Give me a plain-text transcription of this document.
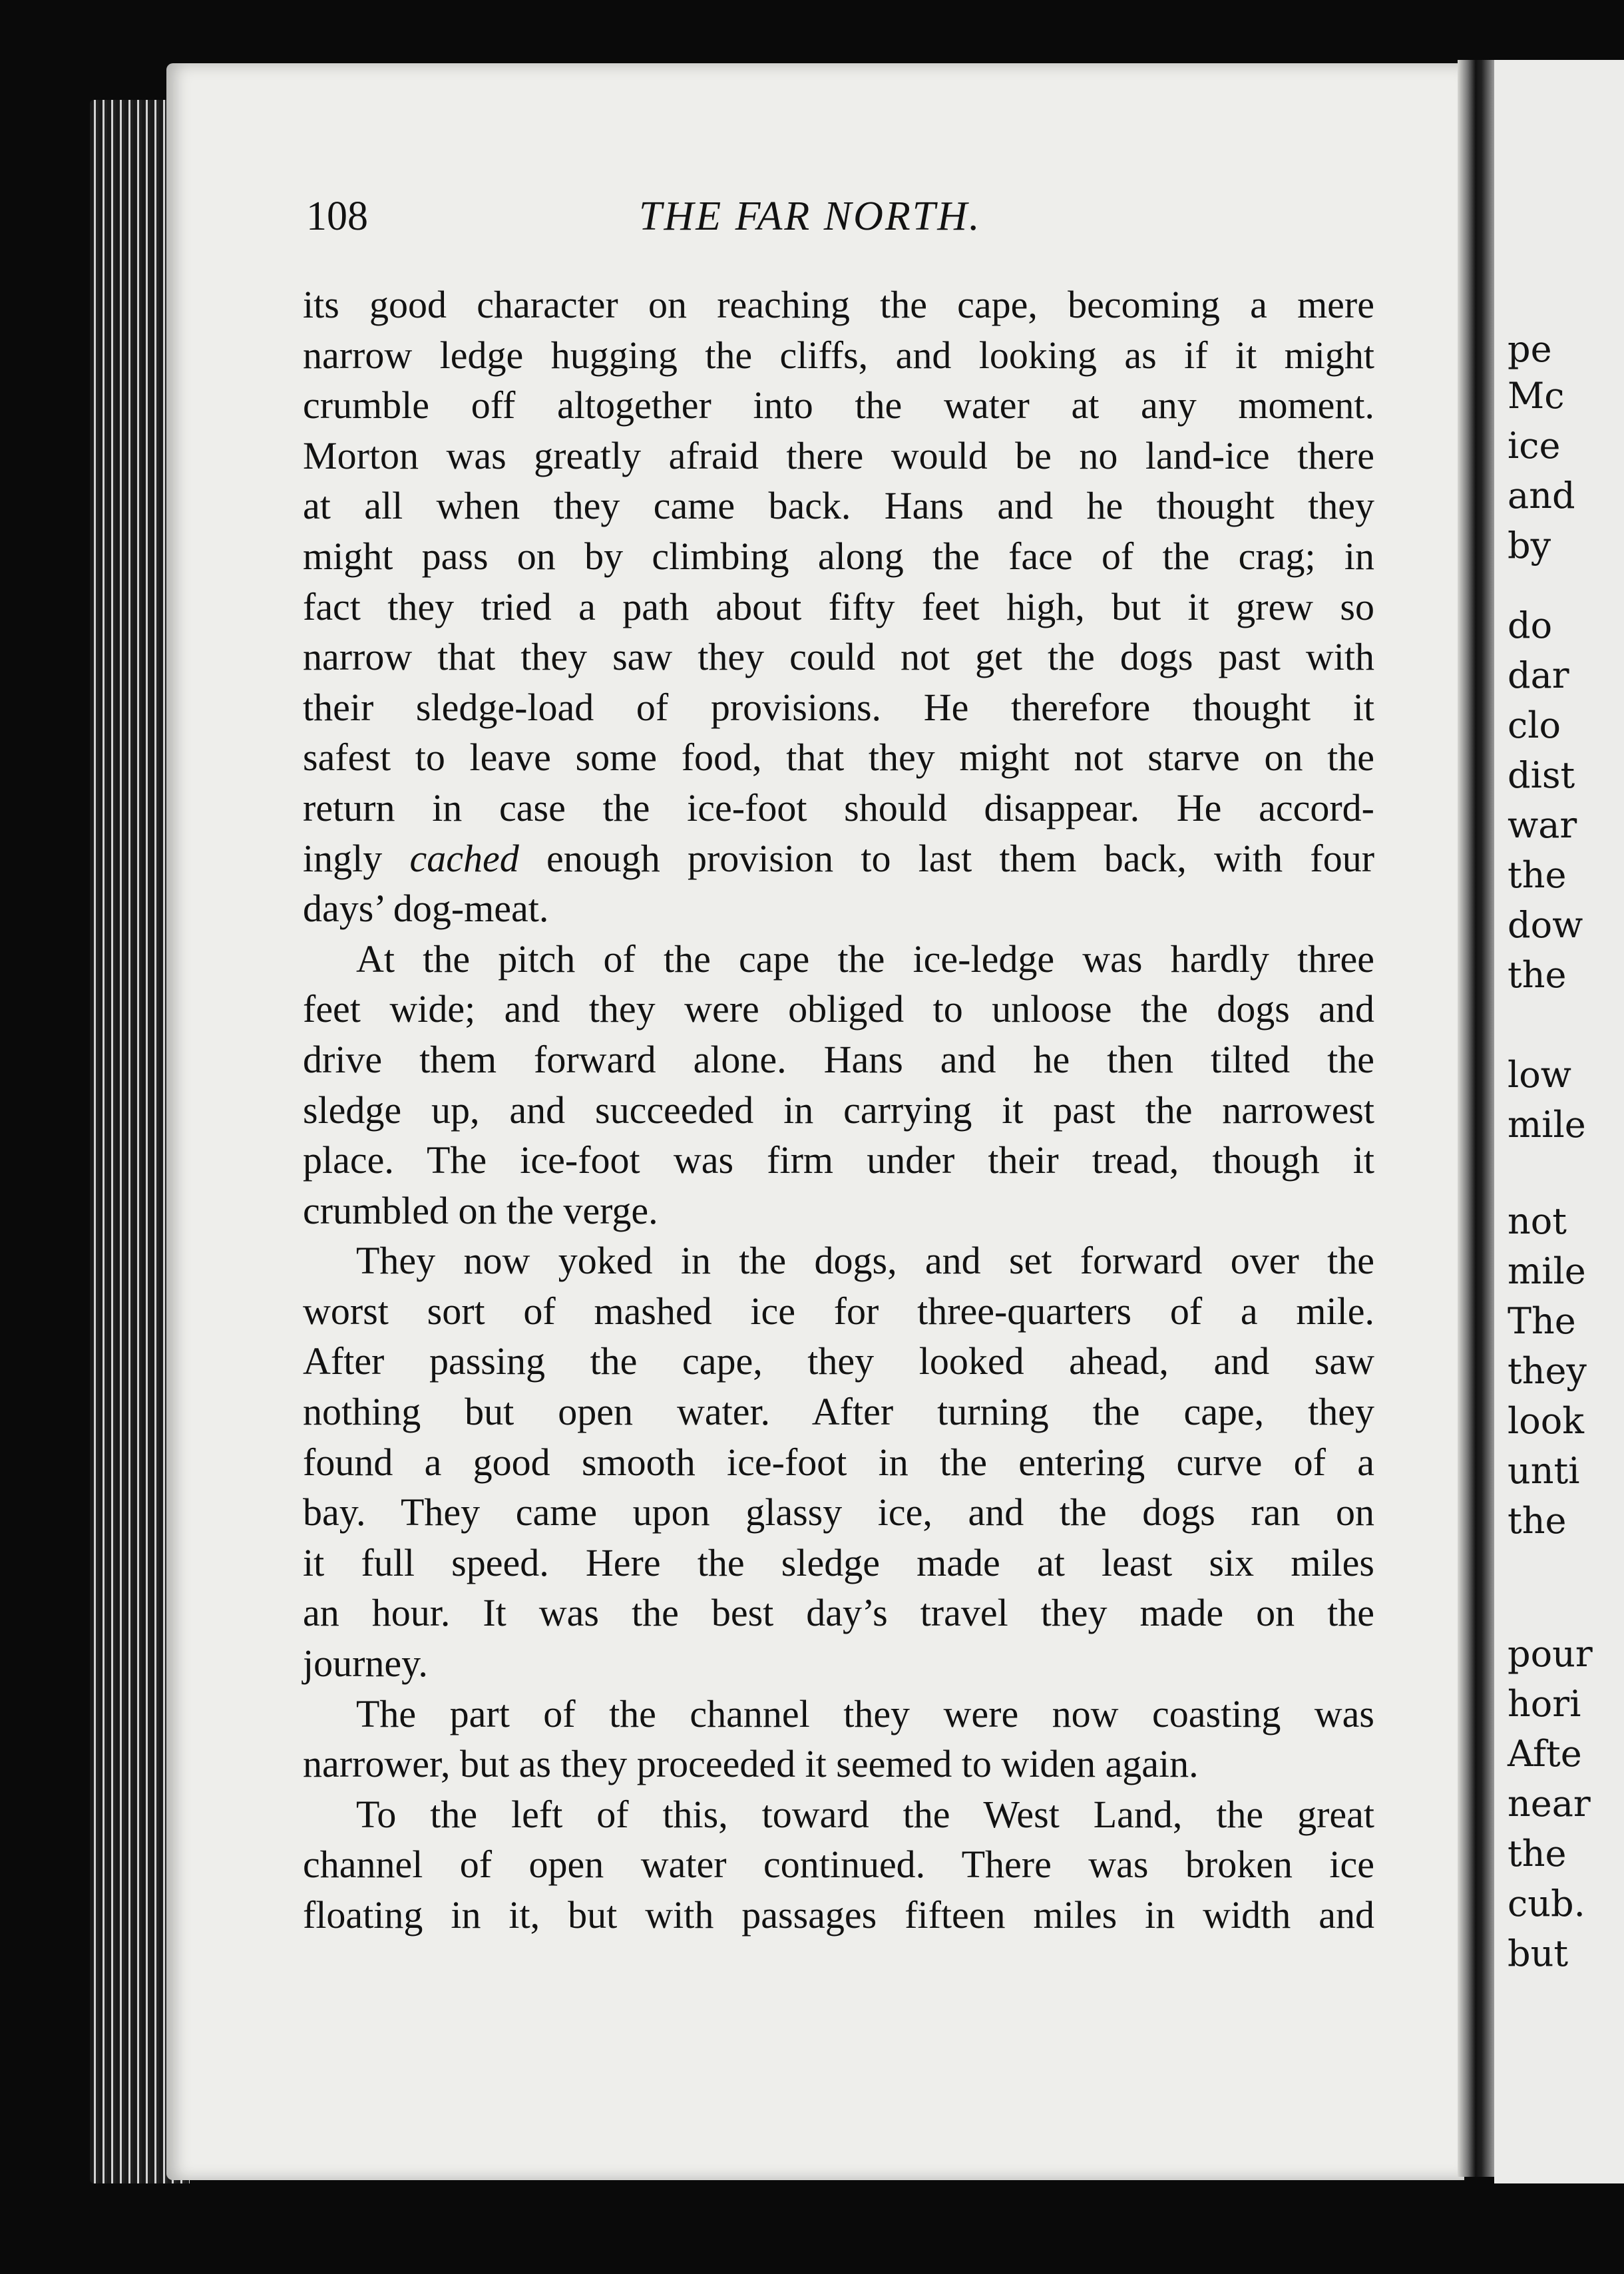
pe
Mc
ice
and
by
do
dar
clo
dist
war
the
dow
the
low
mile
not
mile
The
they
look
unti
the
pour
hori
Afte
near
the
cub.
but
108	THE FAR NORTH.
its good character on reaching the cape, becoming a mere
narrow ledge hugging the cliffs, and looking as if it might
crumble off altogether into the water at any moment.
Morton was greatly afraid there would be no land-ice there
at all when they came back. Hans and he thought they
might pass on by climbing along the face of the crag; in
fact they tried a path about fifty feet high, but it grew so
narrow that they saw they could not get the dogs past with
their sledge-load of provisions. He therefore thought it
safest to leave some food, that they might not starve on the
return in case the ice-foot should disappear. He accord-
ingly cached enough provision to last them back, with four
days’ dog-meat.
At the pitch of the cape the ice-ledge was hardly three
feet wide; and they were obliged to unloose the dogs and
drive them forward alone. Hans and he then tilted the
sledge up, and succeeded in carrying it past the narrowest
place. The ice-foot was firm under their tread, though it
crumbled on the verge.
They now yoked in the dogs, and set forward over the
worst sort of mashed ice for three-quarters of a mile.
After passing the cape, they looked ahead, and saw
nothing but open water. After turning the cape, they
found a good smooth ice-foot in the entering curve of a
bay. They came upon glassy ice, and the dogs ran on
it full speed. Here the sledge made at least six miles
an hour. It was the best day’s travel they made on the
journey.
The part of the channel they were now coasting was
narrower, but as they proceeded it seemed to widen again.
To the left of this, toward the West Land, the great
channel of open water continued. There was broken ice
floating in it, but with passages fifteen miles in width and
